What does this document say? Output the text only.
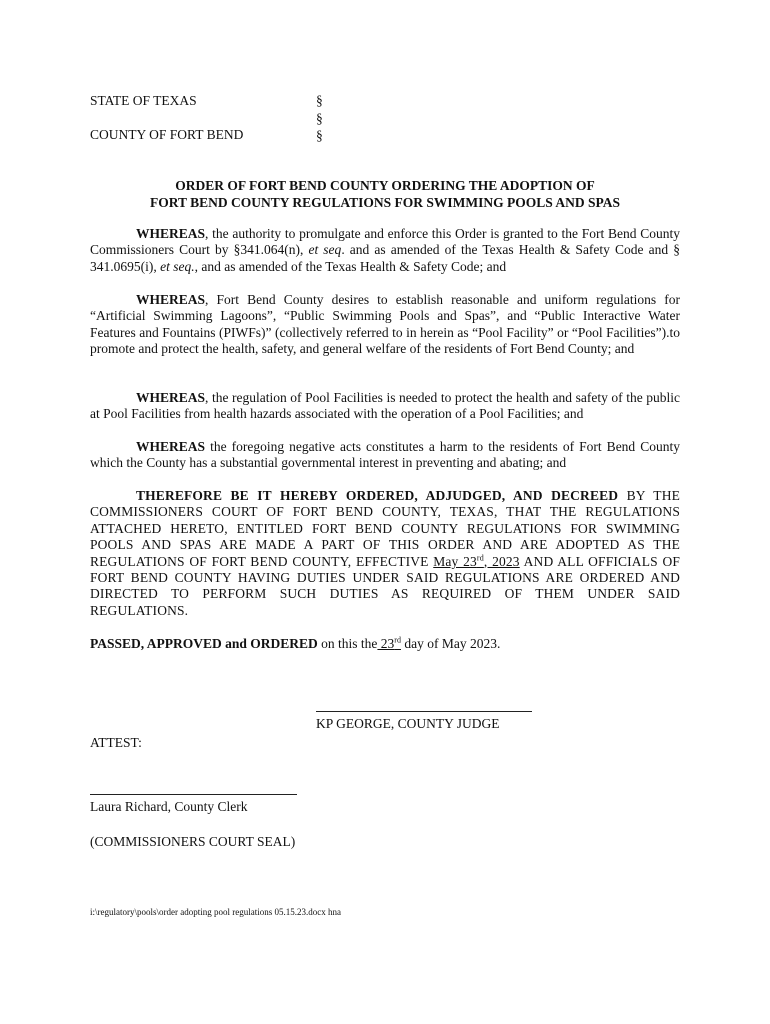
STATE OF TEXAS
COUNTY OF FORT BEND
§
§
§
ORDER OF FORT BEND COUNTY ORDERING THE ADOPTION OF
FORT BEND COUNTY REGULATIONS FOR SWIMMING POOLS AND SPAS
WHEREAS, the authority to promulgate and enforce this Order is granted to the Fort Bend County Commissioners Court by §341.064(n), et seq. and as amended of the Texas Health & Safety Code and § 341.0695(i), et seq., and as amended of the Texas Health & Safety Code; and
WHEREAS, Fort Bend County desires to establish reasonable and uniform regulations for “Artificial Swimming Lagoons”, “Public Swimming Pools and Spas”, and “Public Interactive Water Features and Fountains (PIWFs)” (collectively referred to in herein as “Pool Facility” or “Pool Facilities”).to promote and protect the health, safety, and general welfare of the residents of Fort Bend County; and
WHEREAS, the regulation of Pool Facilities is needed to protect the health and safety of the public at Pool Facilities from health hazards associated with the operation of a Pool Facilities; and
WHEREAS the foregoing negative acts constitutes a harm to the residents of Fort Bend County which the County has a substantial governmental interest in preventing and abating; and
THEREFORE BE IT HEREBY ORDERED, ADJUDGED, AND DECREED BY THE COMMISSIONERS COURT OF FORT BEND COUNTY, TEXAS, THAT THE REGULATIONS ATTACHED HERETO, ENTITLED FORT BEND COUNTY REGULATIONS FOR SWIMMING POOLS AND SPAS ARE MADE A PART OF THIS ORDER AND ARE ADOPTED AS THE REGULATIONS OF FORT BEND COUNTY, EFFECTIVE May 23rd, 2023 AND ALL OFFICIALS OF FORT BEND COUNTY HAVING DUTIES UNDER SAID REGULATIONS ARE ORDERED AND DIRECTED TO PERFORM SUCH DUTIES AS REQUIRED OF THEM UNDER SAID REGULATIONS.
PASSED, APPROVED and ORDERED on this the 23rd day of May 2023.
KP GEORGE, COUNTY JUDGE
ATTEST:
Laura Richard, County Clerk
(COMMISSIONERS COURT SEAL)
i:\regulatory\pools\order adopting pool regulations 05.15.23.docx hna
